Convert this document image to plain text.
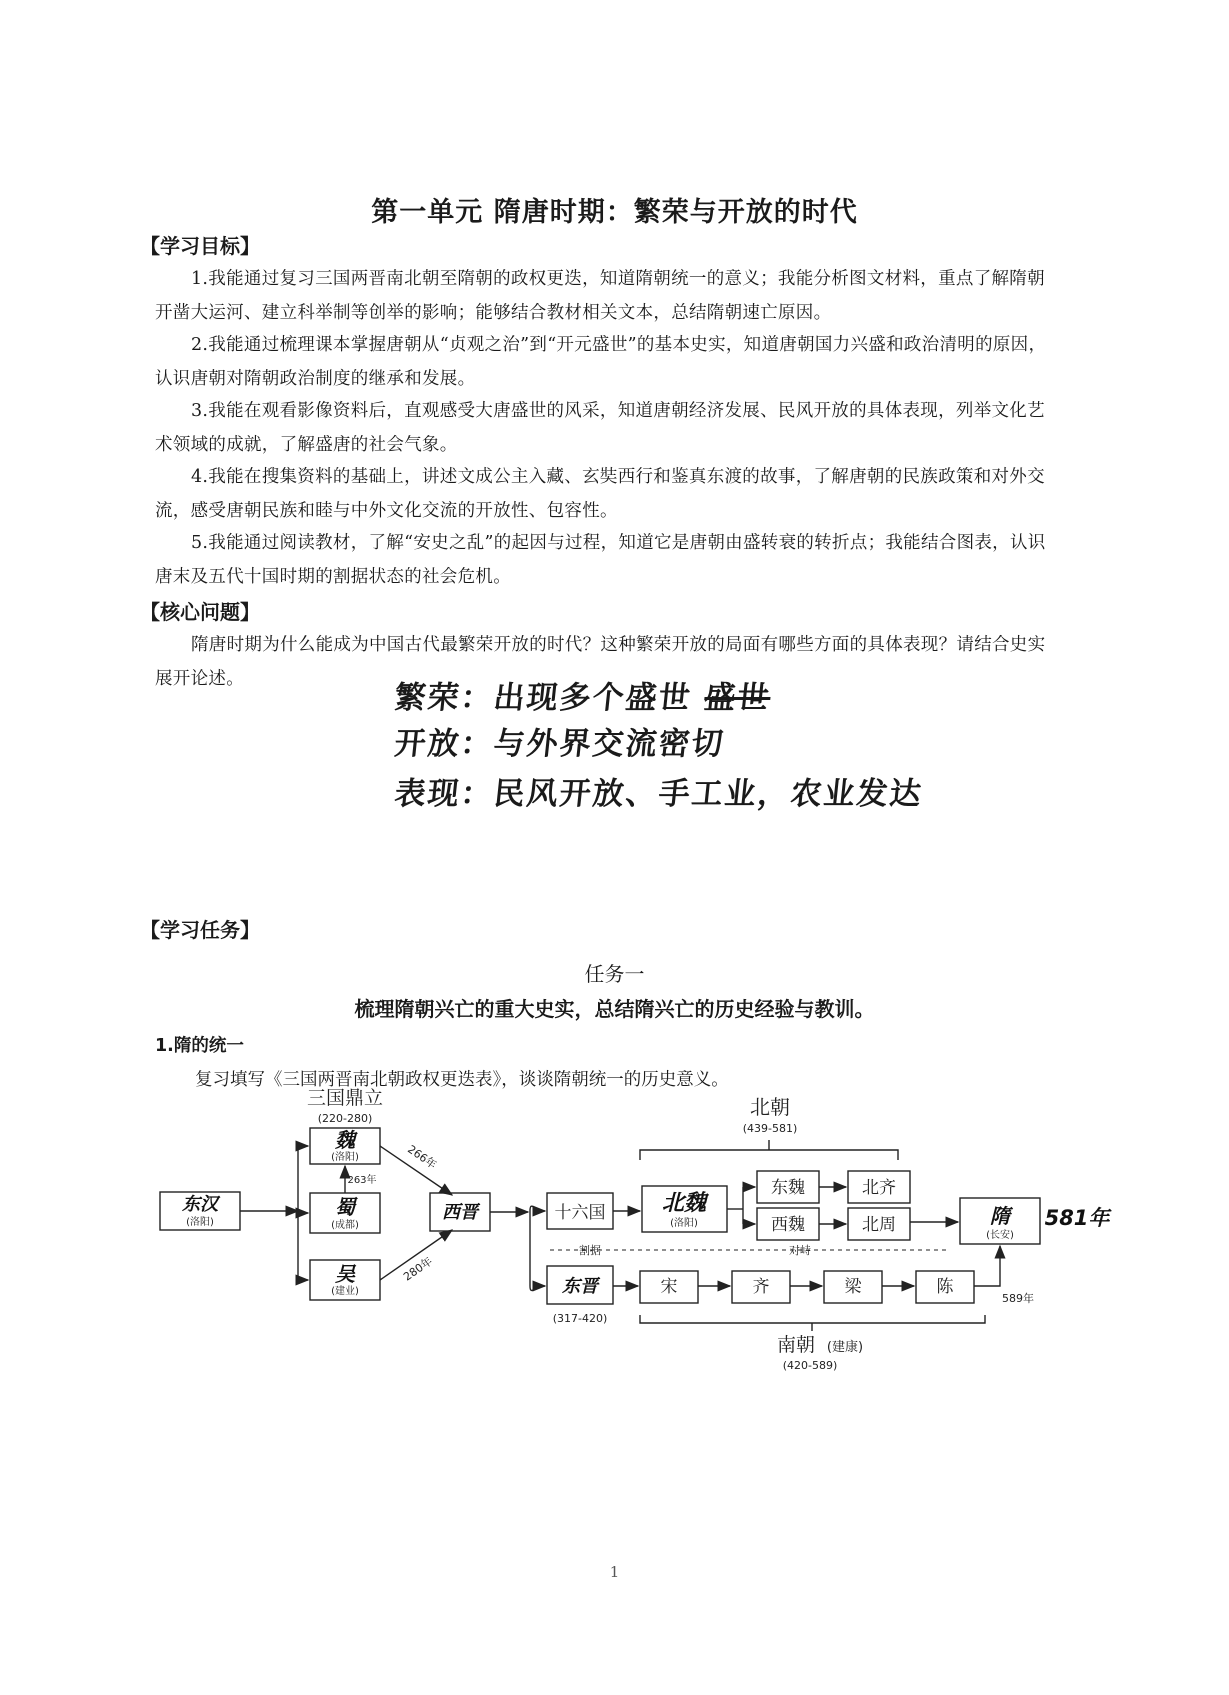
第一单元 隋唐时期：繁荣与开放的时代
【学习目标】
1.我能通过复习三国两晋南北朝至隋朝的政权更迭，知道隋朝统一的意义；我能分析图文材料，重点了解隋朝开凿大运河、建立科举制等创举的影响；能够结合教材相关文本，总结隋朝速亡原因。
2.我能通过梳理课本掌握唐朝从“贞观之治”到“开元盛世”的基本史实，知道唐朝国力兴盛和政治清明的原因，认识唐朝对隋朝政治制度的继承和发展。
3.我能在观看影像资料后，直观感受大唐盛世的风采，知道唐朝经济发展、民风开放的具体表现，列举文化艺术领域的成就，了解盛唐的社会气象。
4.我能在搜集资料的基础上，讲述文成公主入藏、玄奘西行和鉴真东渡的故事，了解唐朝的民族政策和对外交流，感受唐朝民族和睦与中外文化交流的开放性、包容性。
5.我能通过阅读教材，了解“安史之乱”的起因与过程，知道它是唐朝由盛转衰的转折点；我能结合图表，认识唐末及五代十国时期的割据状态的社会危机。
【核心问题】
隋唐时期为什么能成为中国古代最繁荣开放的时代？这种繁荣开放的局面有哪些方面的具体表现？请结合史实展开论述。
繁荣：出现多个盛世 盛世
开放：与外界交流密切
表现：民风开放、手工业，农业发达
【学习任务】
任务一
梳理隋朝兴亡的重大史实，总结隋兴亡的历史经验与教训。
1.隋的统一
复习填写《三国两晋南北朝政权更迭表》，谈谈隋朝统一的历史意义。
三国鼎立
(220-280)	北朝
(439-581)
南朝 (建康)
(420-589)
十六国
东魏
西魏
北齐
北周
宋	齐	梁	陈
割据	对峙
(洛阳)
(洛阳)
(成都)
(建业)
(洛阳)
(长安)
(317-420)
263年
589年
266年
280年
东汉
魏
蜀
吴
西晋
东晋
北魏	隋 581年
1
